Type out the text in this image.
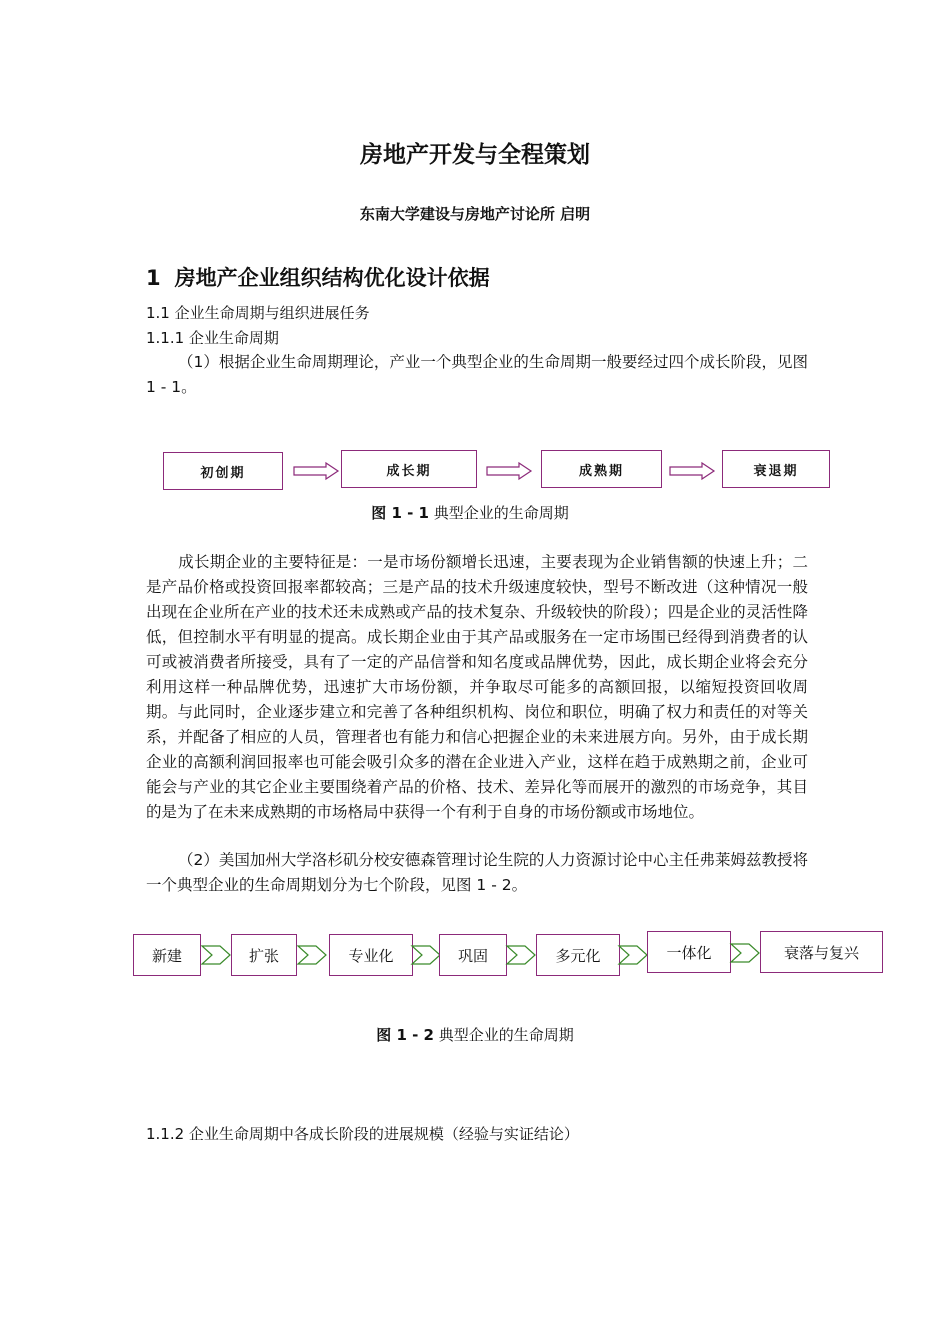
房地产开发与全程策划
东南大学建设与房地产讨论所 启明
1 房地产企业组织结构优化设计依据
1.1 企业生命周期与组织进展任务
1.1.1 企业生命周期
（1）根据企业生命周期理论，产业一个典型企业的生命周期一般要经过四个成长阶段，见图 1 - 1。
初创期	成长期	成熟期	衰退期
图 1 - 1 典型企业的生命周期
成长期企业的主要特征是：一是市场份额增长迅速，主要表现为企业销售额的快速上升；二是产品价格或投资回报率都较高；三是产品的技术升级速度较快，型号不断改进（这种情况一般出现在企业所在产业的技术还未成熟或产品的技术复杂、升级较快的阶段）；四是企业的灵活性降低，但控制水平有明显的提高。成长期企业由于其产品或服务在一定市场围已经得到消费者的认可或被消费者所接受，具有了一定的产品信誉和知名度或品牌优势，因此，成长期企业将会充分利用这样一种品牌优势，迅速扩大市场份额，并争取尽可能多的高额回报，以缩短投资回收周期。与此同时，企业逐步建立和完善了各种组织机构、岗位和职位，明确了权力和责任的对等关系，并配备了相应的人员，管理者也有能力和信心把握企业的未来进展方向。另外，由于成长期企业的高额利润回报率也可能会吸引众多的潜在企业进入产业，这样在趋于成熟期之前，企业可能会与产业的其它企业主要围绕着产品的价格、技术、差异化等而展开的激烈的市场竞争，其目的是为了在未来成熟期的市场格局中获得一个有利于自身的市场份额或市场地位。
（2）美国加州大学洛杉矶分校安德森管理讨论生院的人力资源讨论中心主任弗莱姆兹教授将一个典型企业的生命周期划分为七个阶段，见图 1 - 2。
新建	扩张	专业化	巩固	多元化	一体化	衰落与复兴
图 1 - 2 典型企业的生命周期
1.1.2 企业生命周期中各成长阶段的进展规模（经验与实证结论）
